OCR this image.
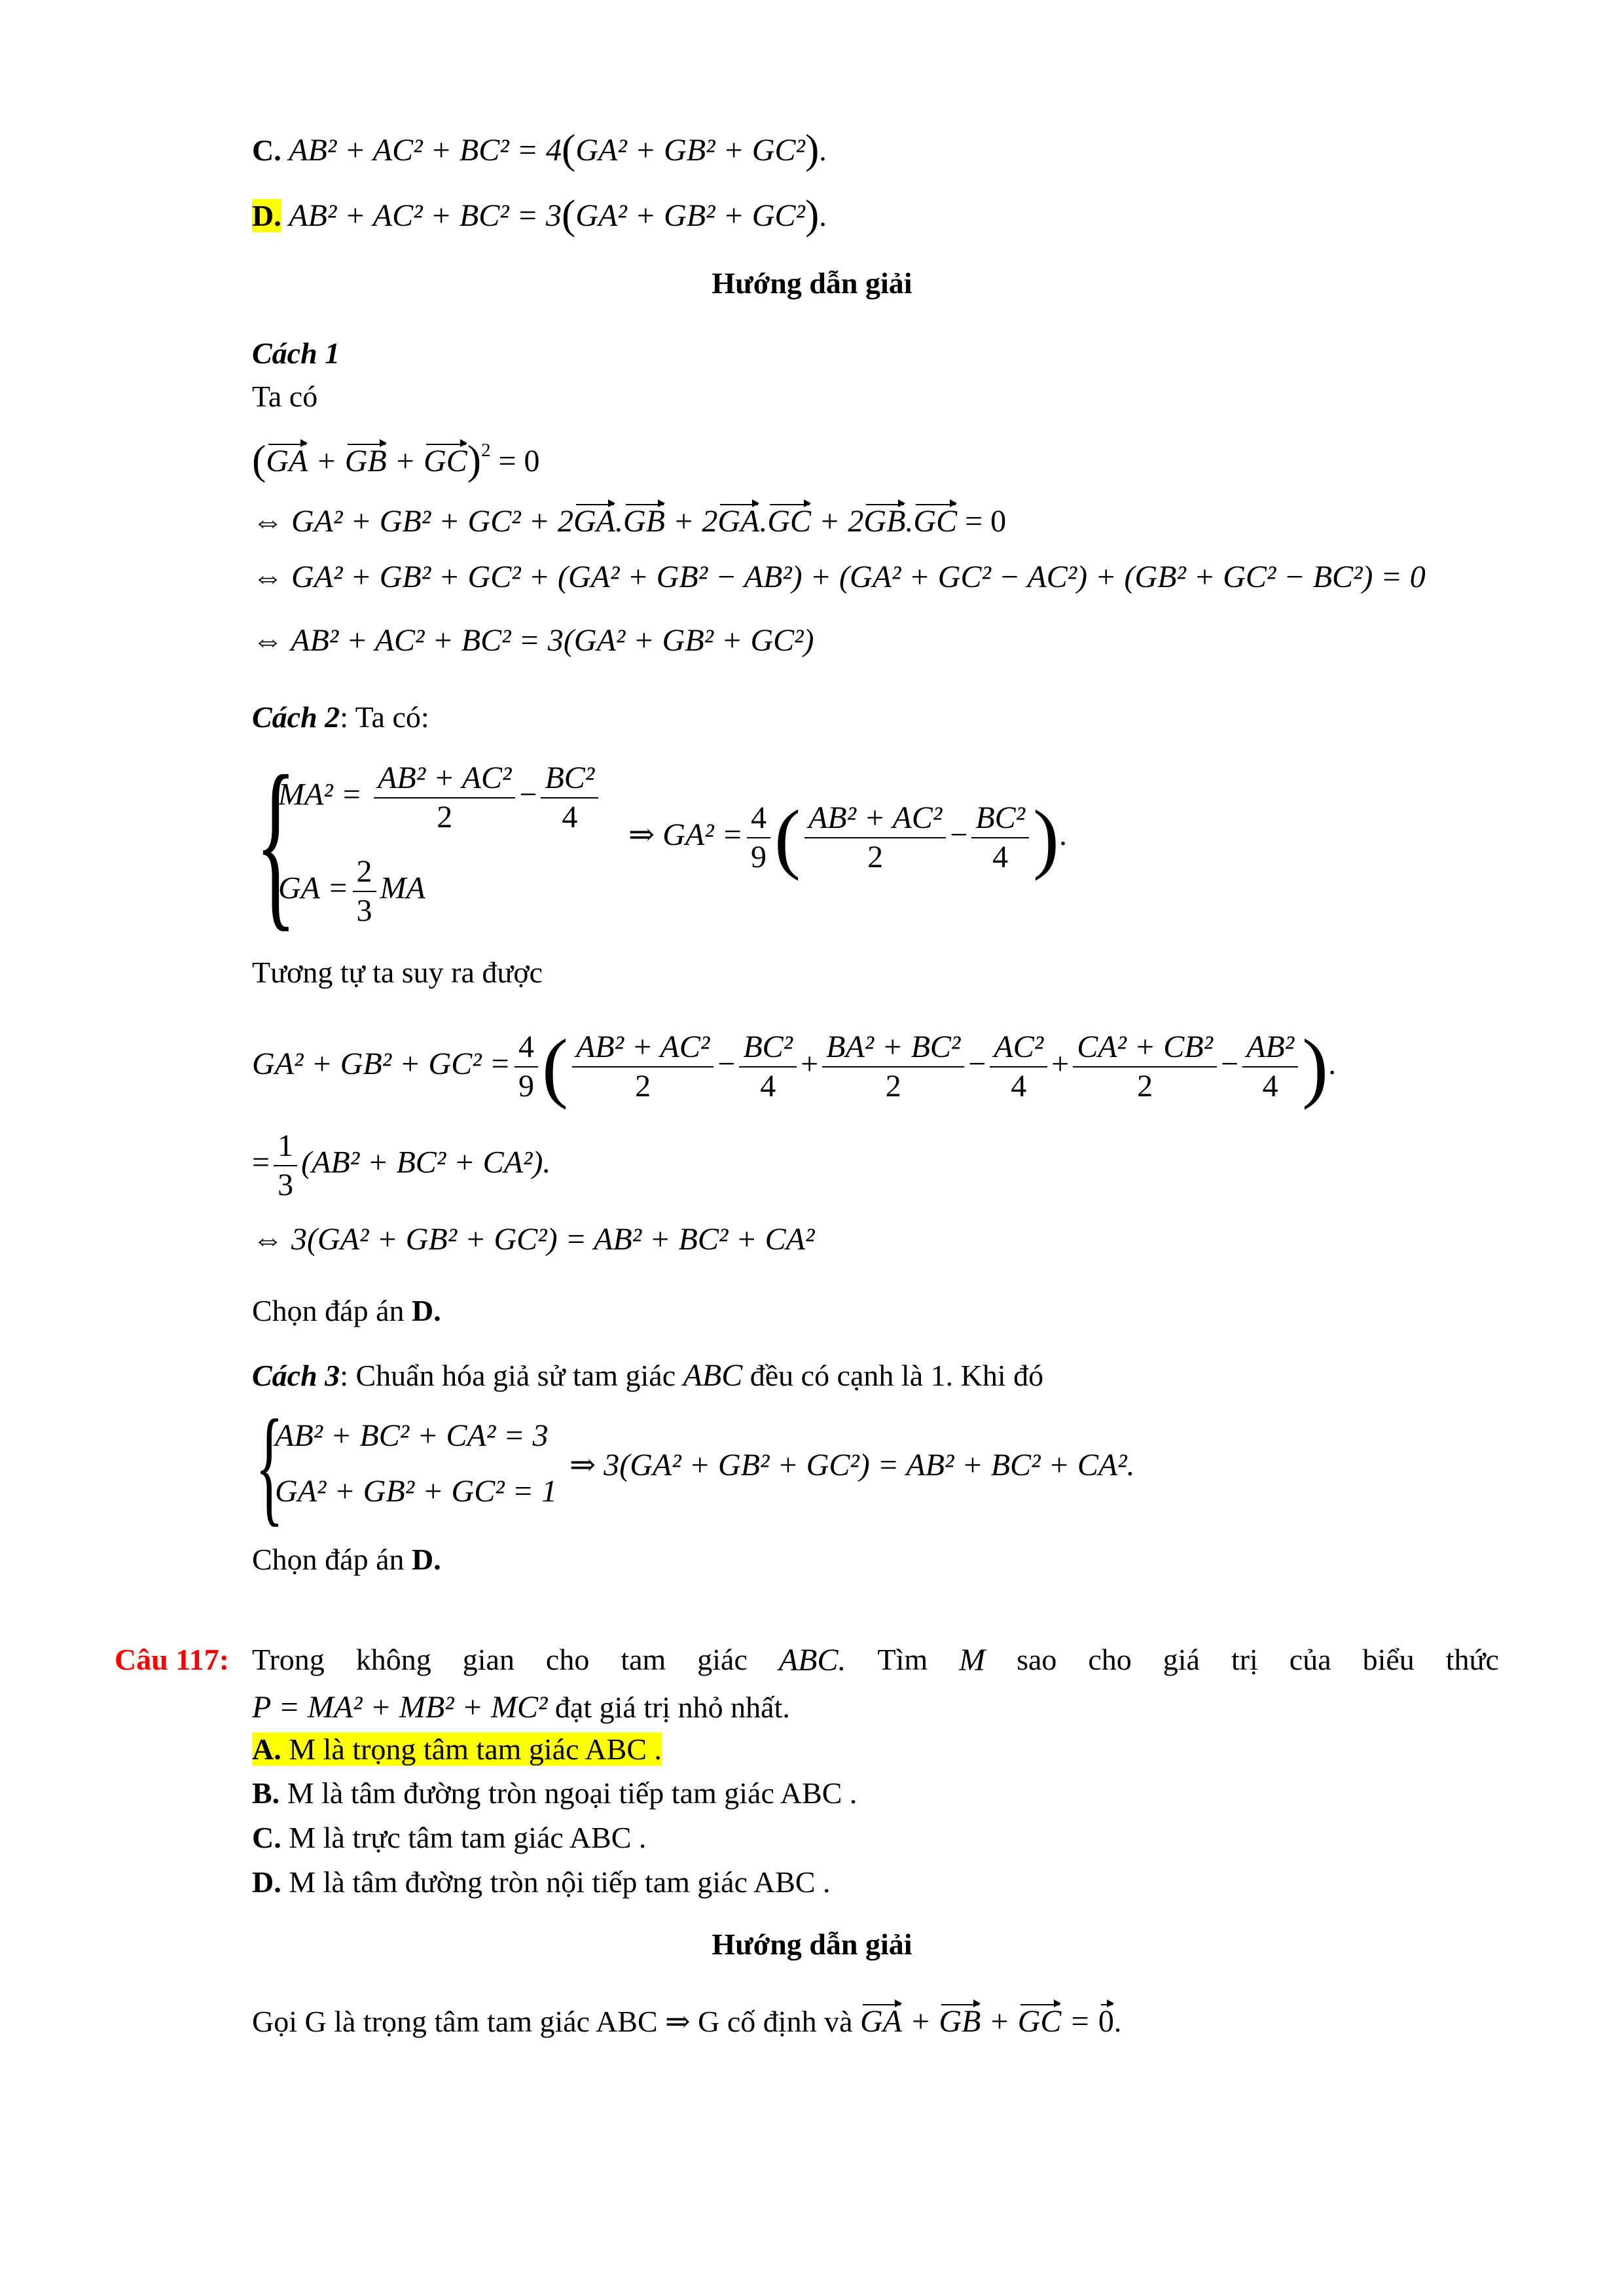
C. AB² + AC² + BC² = 4(GA² + GB² + GC²).
D. AB² + AC² + BC² = 3(GA² + GB² + GC²).
Hướng dẫn giải
Cách 1
Ta có
(GA + GB + GC)$^2$ = 0
⇔ GA² + GB² + GC² + 2GA.GB + 2GA.GC + 2GB.GC = 0
⇔ GA² + GB² + GC² + (GA² + GB² − AB²) + (GA² + GC² − AC²) + (GB² + GC² − BC²) = 0
⇔ AB² + AC² + BC² = 3(GA² + GB² + GC²)
Cách 2: Ta có:
{
$MA^2 = \frac{\text{AB² + AC²}}{2} - \frac{\text{BC²}}{4}$
GA = $\frac{2}{3}$ MA
⇒ $GA^2 = \frac{4}{9}$ ( $\frac{\text{AB² + AC²}}{2} - \frac{\text{BC²}}{4}$ ).
Tương tự ta suy ra được
$GA^2 + GB^2 + GC^2 = \frac{4}{9}$ ( $\frac{\text{AB² + AC²}}{2} - \frac{\text{BC²}}{4} + \frac{\text{BA² + BC²}}{2} - \frac{\text{AC²}}{4} + \frac{\text{CA² + CB²}}{2} - \frac{\text{AB²}}{4}$ ).
= $\frac{1}{3} (AB^2 + BC^2 + CA^2)$.
⇔ 3(GA² + GB² + GC²) = AB² + BC² + CA²
Chọn đáp án D.
Cách 3: Chuẩn hóa giả sử tam giác ABC đều có cạnh là 1. Khi đó
{
AB² + BC² + CA² = 3
GA² + GB² + GC² = 1
⇒ 3(GA² + GB² + GC²) = AB² + BC² + CA².
Chọn đáp án D.
Câu 117: Trong không gian cho tam giác ABC. Tìm M sao cho giá trị của biểu thức
P = MA² + MB² + MC² đạt giá trị nhỏ nhất.
A. M là trọng tâm tam giác ABC .
B. M là tâm đường tròn ngoại tiếp tam giác ABC .
C. M là trực tâm tam giác ABC .
D. M là tâm đường tròn nội tiếp tam giác ABC .
Hướng dẫn giải
Gọi G là trọng tâm tam giác ABC ⇒ G cố định và GA + GB + GC = 0.
